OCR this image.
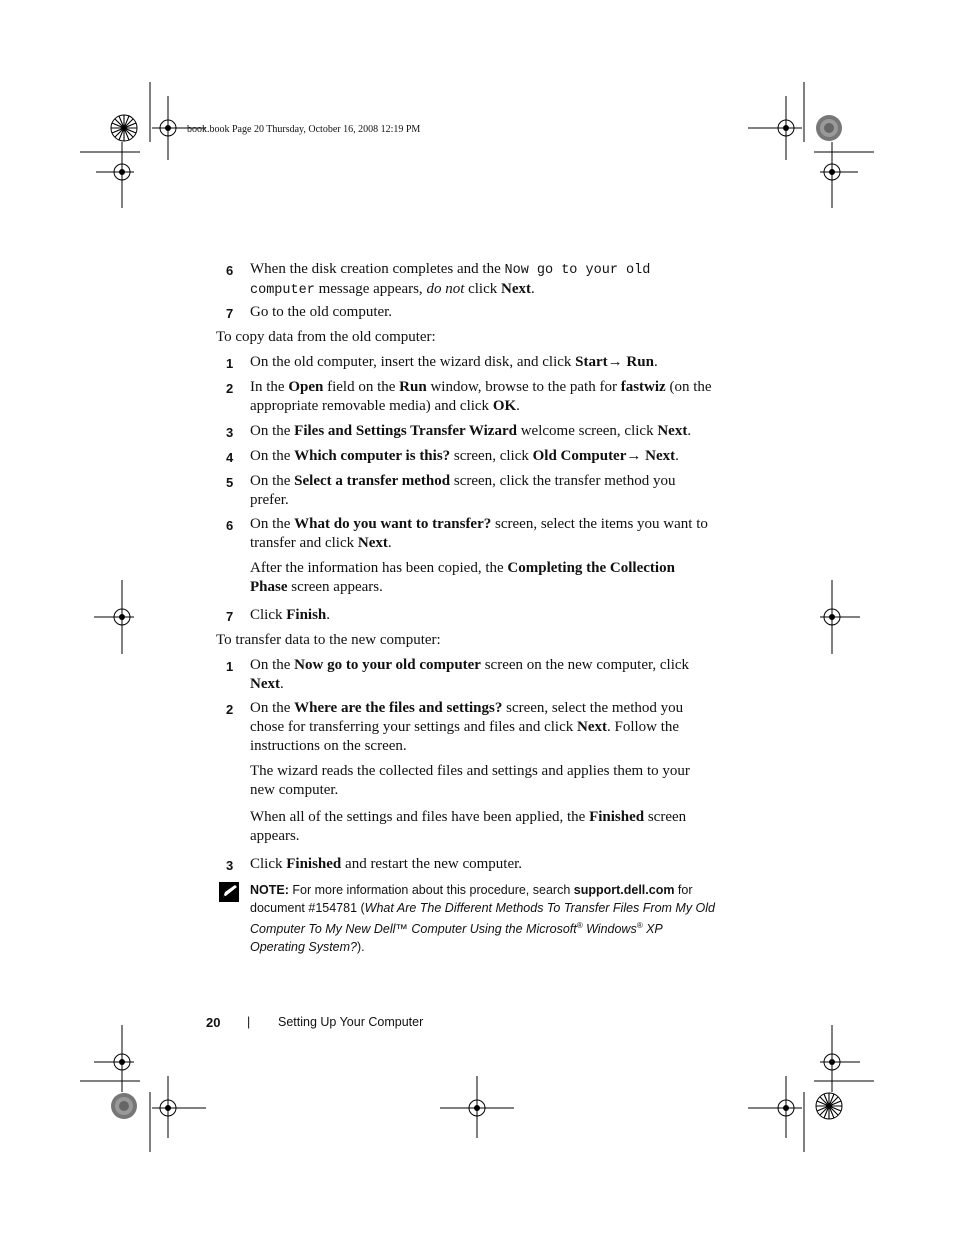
book.book Page 20 Thursday, October 16, 2008 12:19 PM
6 When the disk creation completes and the Now go to your old computer message appears, do not click Next.
7 Go to the old computer.
To copy data from the old computer:
1 On the old computer, insert the wizard disk, and click Start→ Run.
2 In the Open field on the Run window, browse to the path for fastwiz (on the appropriate removable media) and click OK.
3 On the Files and Settings Transfer Wizard welcome screen, click Next.
4 On the Which computer is this? screen, click Old Computer→ Next.
5 On the Select a transfer method screen, click the transfer method you prefer.
6 On the What do you want to transfer? screen, select the items you want to transfer and click Next.
After the information has been copied, the Completing the Collection Phase screen appears.
7 Click Finish.
To transfer data to the new computer:
1 On the Now go to your old computer screen on the new computer, click Next.
2 On the Where are the files and settings? screen, select the method you chose for transferring your settings and files and click Next. Follow the instructions on the screen.
The wizard reads the collected files and settings and applies them to your new computer.
When all of the settings and files have been applied, the Finished screen appears.
3 Click Finished and restart the new computer.
NOTE: For more information about this procedure, search support.dell.com for document #154781 (What Are The Different Methods To Transfer Files From My Old Computer To My New Dell™ Computer Using the Microsoft® Windows® XP Operating System?).
20 | Setting Up Your Computer
